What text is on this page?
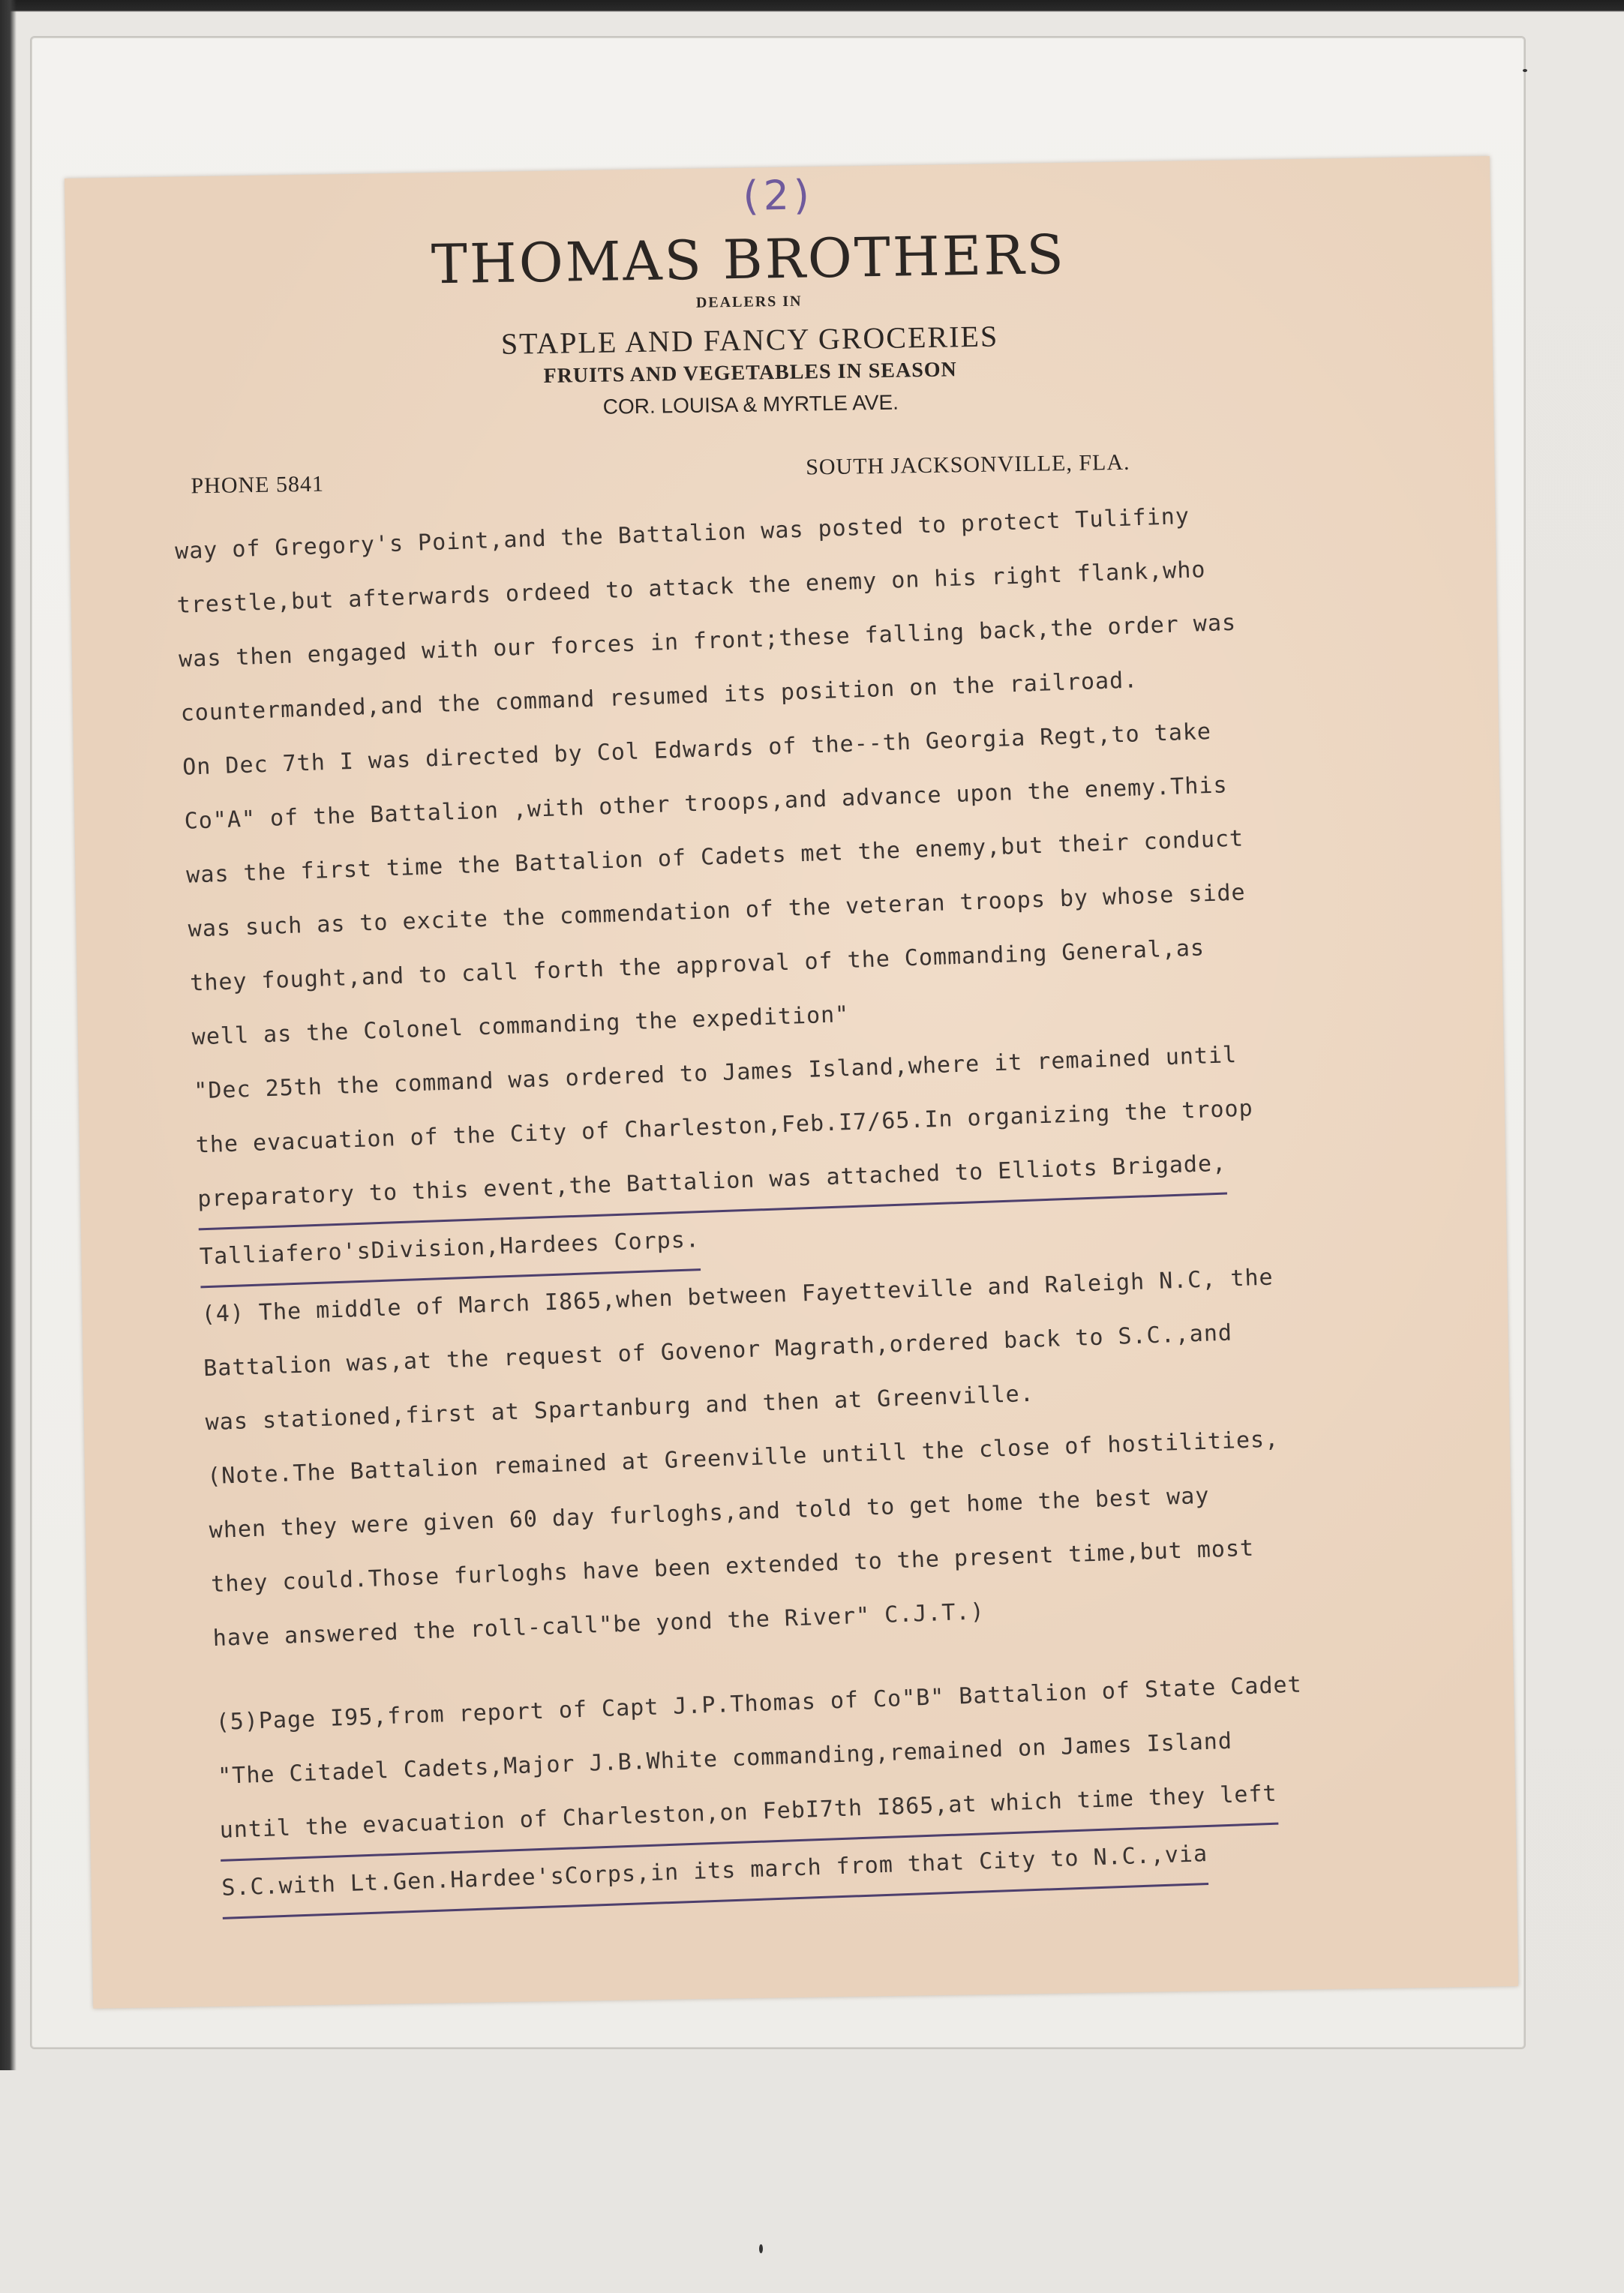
(2)
THOMAS BROTHERS
DEALERS IN
STAPLE AND FANCY GROCERIES
FRUITS AND VEGETABLES IN SEASON
COR. LOUISA & MYRTLE AVE.
PHONE 5841
SOUTH JACKSONVILLE, FLA.
way of Gregory's Point,and the Battalion was posted to protect Tulifiny
trestle,but afterwards ordeed to attack the enemy on his right flank,who
was then engaged with our forces in front;these falling back,the order was
countermanded,and the command resumed its position on the railroad.
On Dec 7th I was directed by Col Edwards of the--th Georgia Regt,to take
Co"A" of the Battalion ,with other troops,and advance upon the enemy.This
was the first time the Battalion of Cadets met the enemy,but their conduct
was such as to excite the commendation of the veteran troops by whose side
they fought,and to call forth the approval of the Commanding General,as
well as the Colonel commanding the expedition"
"Dec 25th the command was ordered to James Island,where it remained until
the evacuation of the City of Charleston,Feb.I7/65.In organizing the troop
preparatory to this event,the Battalion was attached to Elliots Brigade, Talliafero'sDivision,Hardees Corps.
(4) The middle of March I865,when between Fayetteville and Raleigh N.C, the
Battalion was,at the request of Govenor Magrath,ordered back to S.C.,and
was stationed,first at Spartanburg and then at Greenville.
(Note.The Battalion remained at Greenville untill the close of hostilities,
when they were given 60 day furloghs,and told to get home the best way
they could.Those furloghs have been extended to the present time,but most
have answered the roll-call"be yond the River" C.J.T.)
(5)Page I95,from report of Capt J.P.Thomas of Co"B" Battalion of State Cadet
"The Citadel Cadets,Major J.B.White commanding,remained on James Island
until the evacuation of Charleston,on FebI7th I865,at which time they left S.C.with Lt.Gen.Hardee'sCorps,in its march from that City to N.C.,via
